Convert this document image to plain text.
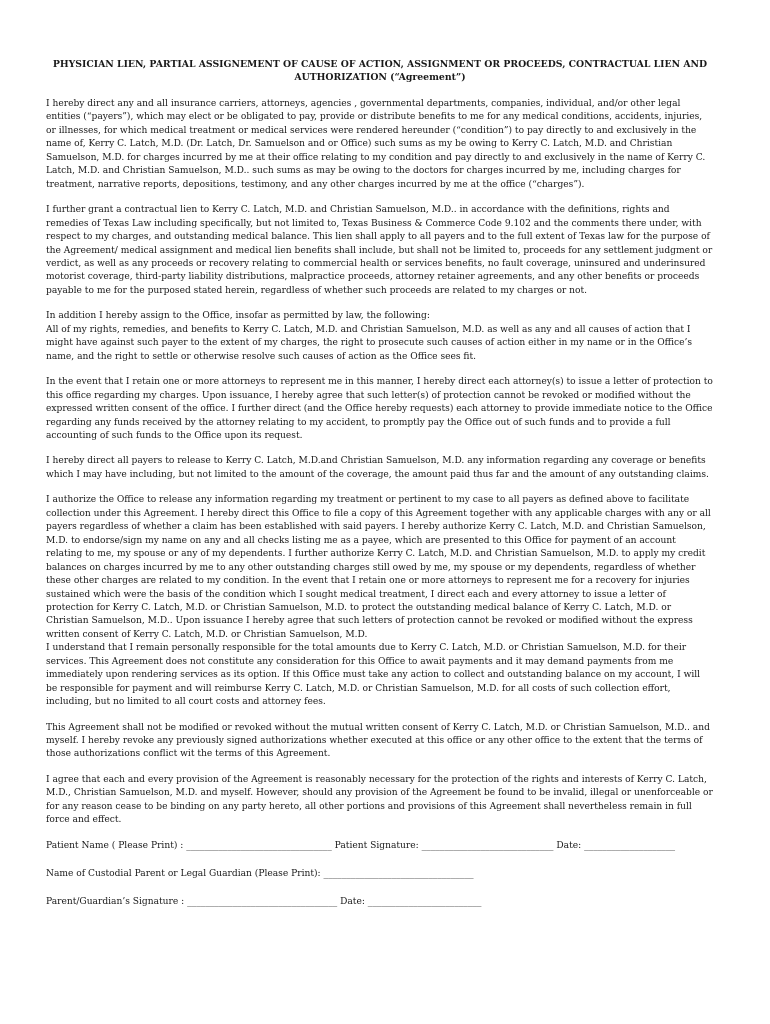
PHYSICIAN LIEN, PARTIAL ASSIGNEMENT OF CAUSE OF ACTION, ASSIGNMENT OR PROCEEDS, CONTRACTUAL LIEN AND AUTHORIZATION (“Agreement”)

I hereby direct any and all insurance carriers, attorneys, agencies , governmental departments, companies, individual, and/or other legal entities (“payers”), which may elect or be obligated to pay, provide or distribute benefits to me for any medical conditions, accidents, injuries, or illnesses, for which medical treatment or medical services were rendered hereunder (“condition”) to pay directly to and exclusively in the name of, Kerry C. Latch, M.D. (Dr. Latch, Dr. Samuelson and or Office) such sums as my be owing to Kerry C. Latch, M.D. and Christian Samuelson, M.D. for charges incurred by me at their office relating to my condition and pay directly to and exclusively in the name of Kerry C. Latch, M.D. and Christian Samuelson, M.D.. such sums as may be owing to the doctors for charges incurred by me, including charges for treatment, narrative reports, depositions, testimony, and any other charges incurred by me at the office (“charges”).

I further grant a contractual lien to Kerry C. Latch, M.D. and Christian Samuelson, M.D.. in accordance with the definitions, rights and remedies of Texas Law including specifically, but not limited to, Texas Business & Commerce Code 9.102 and the comments there under, with respect to my charges, and outstanding medical balance. This lien shall apply to all payers and to the full extent of Texas law for the purpose of the Agreement/ medical assignment and medical lien benefits shall include, but shall not be limited to, proceeds for any settlement judgment or verdict, as well as any proceeds or recovery relating to commercial health or services benefits, no fault coverage, uninsured and underinsured motorist coverage, third-party liability distributions, malpractice proceeds, attorney retainer agreements, and any other benefits or proceeds payable to me for the purposed stated herein, regardless of whether such proceeds are related to my charges or not.

In addition I hereby assign to the Office, insofar as permitted by law, the following:
All of my rights, remedies, and benefits to Kerry C. Latch, M.D. and Christian Samuelson, M.D. as well as any and all causes of action that I might have against such payer to the extent of my charges, the right to prosecute such causes of action either in my name or in the Office’s name, and the right to settle or otherwise resolve such causes of action as the Office sees fit.

In the event that I retain one or more attorneys to represent me in this manner, I hereby direct each attorney(s) to issue a letter of protection to this office regarding my charges. Upon issuance, I hereby agree that such letter(s) of protection cannot be revoked or modified without the expressed written consent of the office. I further direct (and the Office hereby requests) each attorney to provide immediate notice to the Office regarding any funds received by the attorney relating to my accident, to promptly pay the Office out of such funds and to provide a full accounting of such funds to the Office upon its request.

I hereby direct all payers to release to Kerry C. Latch, M.D.and Christian Samuelson, M.D. any information regarding any coverage or benefits which I may have including, but not limited to the amount of the coverage, the amount paid thus far and the amount of any outstanding claims.

I authorize the Office to release any information regarding my treatment or pertinent to my case to all payers as defined above to facilitate collection under this Agreement. I hereby direct this Office to file a copy of this Agreement together with any applicable charges with any or all payers regardless of whether a claim has been established with said payers. I hereby authorize Kerry C. Latch, M.D. and Christian Samuelson, M.D. to endorse/sign my name on any and all checks listing me as a payee, which are presented to this Office for payment of an account relating to me, my spouse or any of my dependents. I further authorize Kerry C. Latch, M.D. and Christian Samuelson, M.D. to apply my credit balances on charges incurred by me to any other outstanding charges still owed by me, my spouse or my dependents, regardless of whether these other charges are related to my condition. In the event that I retain one or more attorneys to represent me for a recovery for injuries sustained which were the basis of the condition which I sought medical treatment, I direct each and every attorney to issue a letter of protection for Kerry C. Latch, M.D. or Christian Samuelson, M.D. to protect the outstanding medical balance of Kerry C. Latch, M.D. or Christian Samuelson, M.D.. Upon issuance I hereby agree that such letters of protection cannot be revoked or modified without the express written consent of Kerry C. Latch, M.D. or Christian Samuelson, M.D.

I understand that I remain personally responsible for the total amounts due to Kerry C. Latch, M.D. or Christian Samuelson, M.D. for their services. This Agreement does not constitute any consideration for this Office to await payments and it may demand payments from me immediately upon rendering services as its option. If this Office must take any action to collect and outstanding balance on my account, I will be responsible for payment and will reimburse Kerry C. Latch, M.D. or Christian Samuelson, M.D. for all costs of such collection effort, including, but no limited to all court costs and attorney fees.

This Agreement shall not be modified or revoked without the mutual written consent of Kerry C. Latch, M.D. or Christian Samuelson, M.D.. and myself. I hereby revoke any previously signed authorizations whether executed at this office or any other office to the extent that the terms of those authorizations conflict wit the terms of this Agreement.

I agree that each and every provision of the Agreement is reasonably necessary for the protection of the rights and interests of Kerry C. Latch, M.D., Christian Samuelson, M.D. and myself. However, should any provision of the Agreement be found to be invalid, illegal or unenforceable or for any reason cease to be binding on any party hereto, all other portions and provisions of this Agreement shall nevertheless remain in full force and effect.

Patient Name ( Please Print) : ________________________________ Patient Signature: _____________________________ Date: ____________________
Name of Custodial Parent or Legal Guardian (Please Print): _________________________________
Parent/Guardian’s Signature : _________________________________ Date: _________________________
